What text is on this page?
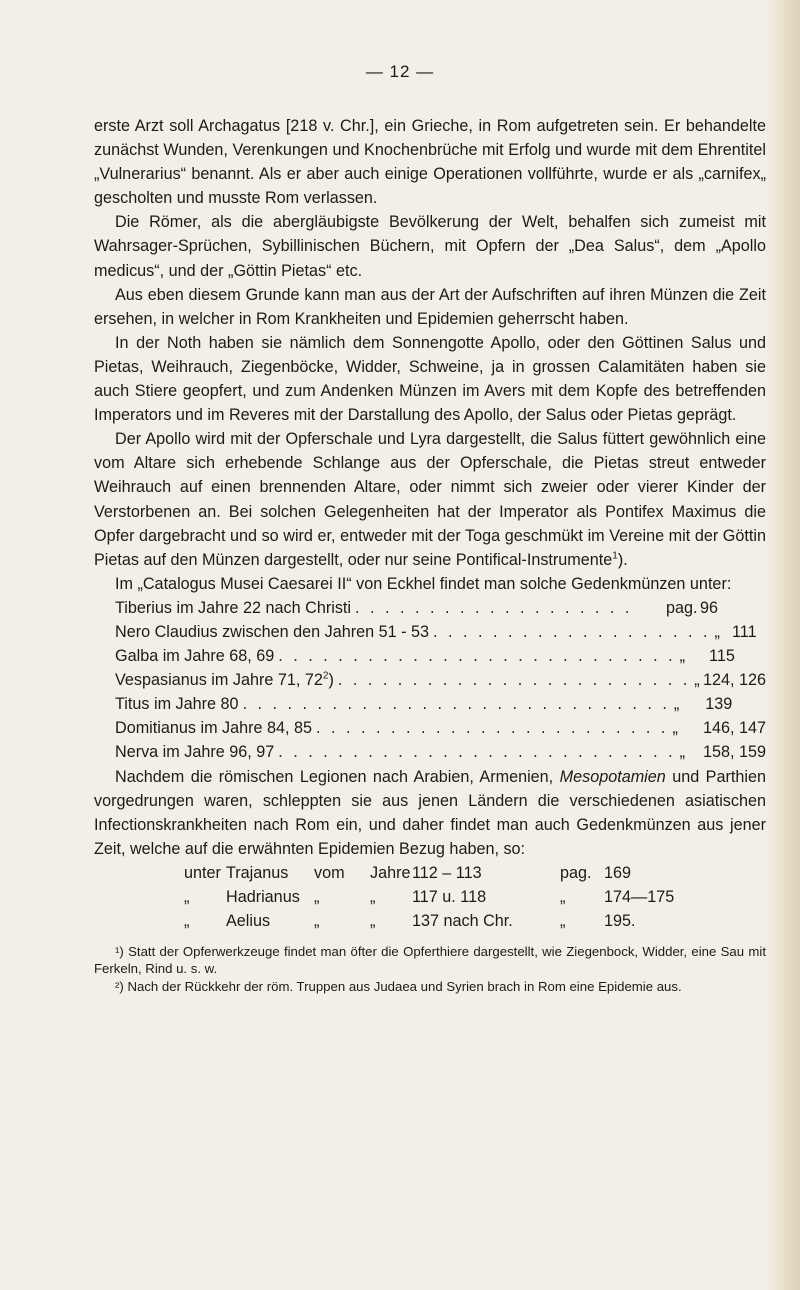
— 12 —

erste Arzt soll Archagatus [218 v. Chr.], ein Grieche, in Rom aufgetreten sein. Er behandelte zunächst Wunden, Verenkungen und Knochenbrüche mit Erfolg und wurde mit dem Ehrentitel „Vulnerarius“ benannt. Als er aber auch einige Operationen vollführte, wurde er als „carnifex„ gescholten und musste Rom verlassen.

Die Römer, als die abergläubigste Bevölkerung der Welt, behalfen sich zumeist mit Wahrsager-Sprüchen, Sybillinischen Büchern, mit Opfern der „Dea Salus“, dem „Apollo medicus“, und der „Göttin Pietas“ etc.

Aus eben diesem Grunde kann man aus der Art der Aufschriften auf ihren Münzen die Zeit ersehen, in welcher in Rom Krankheiten und Epidemien geherrscht haben.

In der Noth haben sie nämlich dem Sonnengotte Apollo, oder den Göttinen Salus und Pietas, Weihrauch, Ziegenböcke, Widder, Schweine, ja in grossen Calamitäten haben sie auch Stiere geopfert, und zum Andenken Münzen im Avers mit dem Kopfe des betreffenden Imperators und im Reveres mit der Darstallung des Apollo, der Salus oder Pietas geprägt.

Der Apollo wird mit der Opferschale und Lyra dargestellt, die Salus füttert gewöhnlich eine vom Altare sich erhebende Schlange aus der Opferschale, die Pietas streut entweder Weihrauch auf einen brennenden Altare, oder nimmt sich zweier oder vierer Kinder der Verstorbenen an. Bei solchen Gelegenheiten hat der Imperator als Pontifex Maximus die Opfer dargebracht und so wird er, entweder mit der Toga geschmükt im Vereine mit der Göttin Pietas auf den Münzen dargestellt, oder nur seine Pontifical-Instrumente$^1$).

Im „Catalogus Musei Caesarei II“ von Eckhel findet man solche Gedenkmünzen unter:

Tiberius im Jahre 22 nach Christi . . . . . . . . . . . . . . . . . . .	pag. 96
Nero Claudius zwischen den Jahren 51 - 53 . . . . . . . . . . . . . . . . . . . „ 111
Galba im Jahre 68, 69 . . . . . . . . . . . . . . . . . . . . . . . . . . . „	115
Vespasianus im Jahre 71, $72^2$) . . . . . . . . . . . . . . . . . . . . . . . . „ 124, 126
Titus im Jahre 80 . . . . . . . . . . . . . . . . . . . . . . . . . . . . . „	139
Domitianus im Jahre 84, 85 . . . . . . . . . . . . . . . . . . . . . . . . „	146, 147
Nerva im Jahre 96, 97 . . . . . . . . . . . . . . . . . . . . . . . . . . . „	158, 159

Nachdem die römischen Legionen nach Arabien, Armenien, Mesopotamien und Parthien vorgedrungen waren, schleppten sie aus jenen Ländern die verschiedenen asiatischen Infectionskrankheiten nach Rom ein, und daher findet man auch Gedenkmünzen aus jener Zeit, welche auf die erwähnten Epidemien Bezug haben, so:

unter Trajanus	vom	Jahre 112 – 113	pag. 169
„	Hadrianus „	„	117 u. 118	„	174—175
„	Aelius	„	„	137 nach Chr.	„	195.

¹) Statt der Opferwerkzeuge findet man öfter die Opferthiere dargestellt, wie Ziegenbock, Widder, eine Sau mit Ferkeln, Rind u. s. w.

²) Nach der Rückkehr der röm. Truppen aus Judaea und Syrien brach in Rom eine Epidemie aus.
